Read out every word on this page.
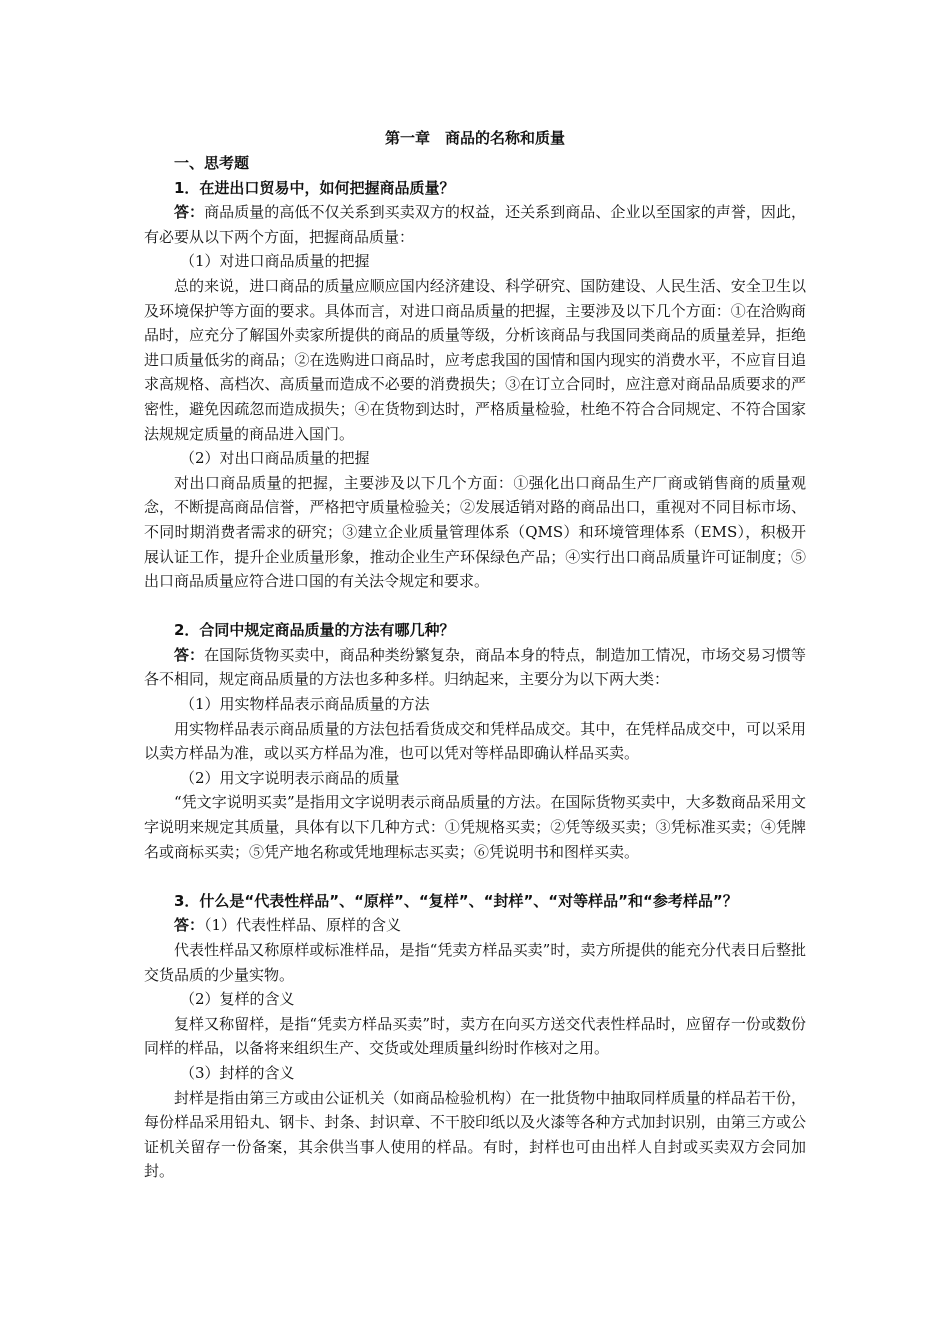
第一章　商品的名称和质量

一、思考题

1．在进出口贸易中，如何把握商品质量？

答：商品质量的高低不仅关系到买卖双方的权益，还关系到商品、企业以至国家的声誉，因此，有必要从以下两个方面，把握商品质量：

（1）对进口商品质量的把握

总的来说，进口商品的质量应顺应国内经济建设、科学研究、国防建设、人民生活、安全卫生以及环境保护等方面的要求。具体而言，对进口商品质量的把握，主要涉及以下几个方面：①在洽购商品时，应充分了解国外卖家所提供的商品的质量等级，分析该商品与我国同类商品的质量差异，拒绝进口质量低劣的商品；②在选购进口商品时，应考虑我国的国情和国内现实的消费水平，不应盲目追求高规格、高档次、高质量而造成不必要的消费损失；③在订立合同时，应注意对商品品质要求的严密性，避免因疏忽而造成损失；④在货物到达时，严格质量检验，杜绝不符合合同规定、不符合国家法规规定质量的商品进入国门。

（2）对出口商品质量的把握

对出口商品质量的把握，主要涉及以下几个方面：①强化出口商品生产厂商或销售商的质量观念，不断提高商品信誉，严格把守质量检验关；②发展适销对路的商品出口，重视对不同目标市场、不同时期消费者需求的研究；③建立企业质量管理体系（QMS）和环境管理体系（EMS），积极开展认证工作，提升企业质量形象，推动企业生产环保绿色产品；④实行出口商品质量许可证制度；⑤出口商品质量应符合进口国的有关法令规定和要求。

2．合同中规定商品质量的方法有哪几种？

答：在国际货物买卖中，商品种类纷繁复杂，商品本身的特点，制造加工情况，市场交易习惯等各不相同，规定商品质量的方法也多种多样。归纳起来，主要分为以下两大类：

（1）用实物样品表示商品质量的方法

用实物样品表示商品质量的方法包括看货成交和凭样品成交。其中，在凭样品成交中，可以采用以卖方样品为准，或以买方样品为准，也可以凭对等样品即确认样品买卖。

（2）用文字说明表示商品的质量

“凭文字说明买卖”是指用文字说明表示商品质量的方法。在国际货物买卖中，大多数商品采用文字说明来规定其质量，具体有以下几种方式：①凭规格买卖；②凭等级买卖；③凭标准买卖；④凭牌名或商标买卖；⑤凭产地名称或凭地理标志买卖；⑥凭说明书和图样买卖。

3．什么是“代表性样品”、“原样”、“复样”、“封样”、“对等样品”和“参考样品”？

答：（1）代表性样品、原样的含义

代表性样品又称原样或标准样品，是指“凭卖方样品买卖”时，卖方所提供的能充分代表日后整批交货品质的少量实物。

（2）复样的含义

复样又称留样，是指“凭卖方样品买卖”时，卖方在向买方送交代表性样品时，应留存一份或数份同样的样品，以备将来组织生产、交货或处理质量纠纷时作核对之用。

（3）封样的含义

封样是指由第三方或由公证机关（如商品检验机构）在一批货物中抽取同样质量的样品若干份，每份样品采用铅丸、钢卡、封条、封识章、不干胶印纸以及火漆等各种方式加封识别，由第三方或公证机关留存一份备案，其余供当事人使用的样品。有时，封样也可由出样人自封或买卖双方会同加封。
